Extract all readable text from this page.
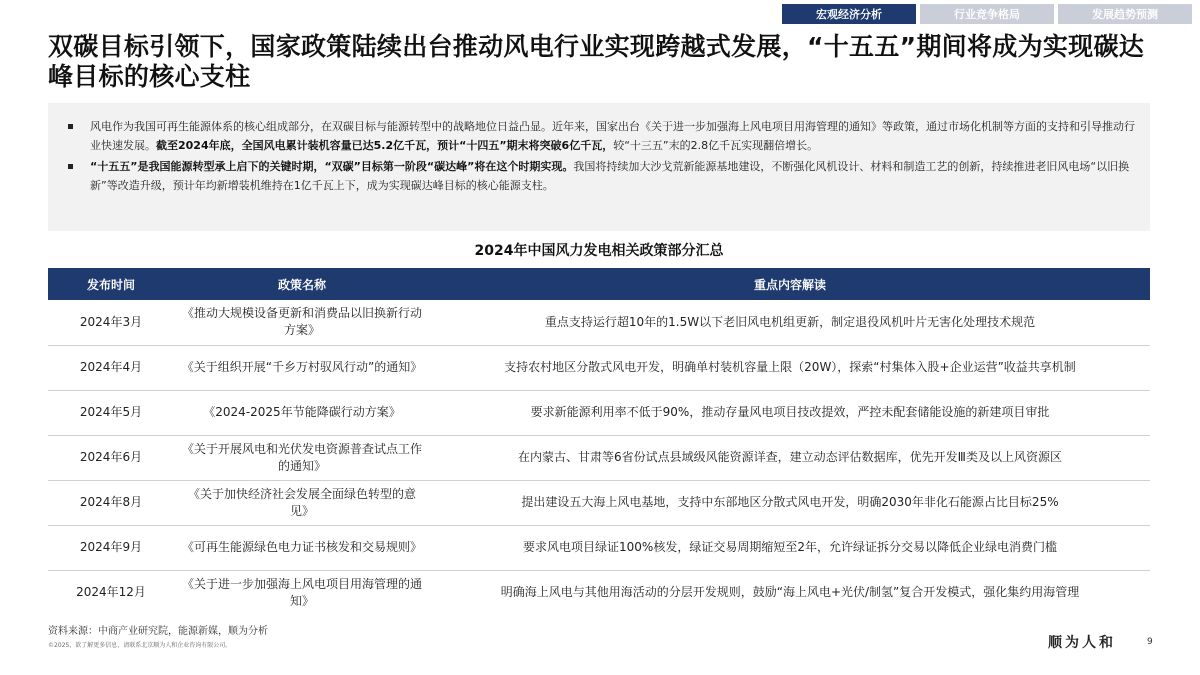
宏观经济分析	行业竞争格局	发展趋势预测
双碳目标引领下，国家政策陆续出台推动风电行业实现跨越式发展，“十五五”期间将成为实现碳达峰目标的核心支柱

风电作为我国可再生能源体系的核心组成部分，在双碳目标与能源转型中的战略地位日益凸显。近年来，国家出台《关于进一步加强海上风电项目用海管理的通知》等政策，通过市场化机制等方面的支持和引导推动行业快速发展。截至2024年底，全国风电累计装机容量已达5.2亿千瓦，预计“十四五”期末将突破6亿千瓦，较“十三五”末的2.8亿千瓦实现翻倍增长。

“十五五”是我国能源转型承上启下的关键时期，“双碳”目标第一阶段“碳达峰”将在这个时期实现。我国将持续加大沙戈荒新能源基地建设，不断强化风机设计、材料和制造工艺的创新，持续推进老旧风电场“以旧换新”等改造升级，预计年均新增装机维持在1亿千瓦上下，成为实现碳达峰目标的核心能源支柱。

2024年中国风力发电相关政策部分汇总
发布时间	政策名称	重点内容解读
2024年3月	《推动大规模设备更新和消费品以旧换新行动方案》	重点支持运行超10年的1.5W以下老旧风电机组更新，制定退役风机叶片无害化处理技术规范
2024年4月	《关于组织开展“千乡万村驭风行动”的通知》	支持农村地区分散式风电开发，明确单村装机容量上限（20W），探索“村集体入股+企业运营”收益共享机制
2024年5月	《2024-2025年节能降碳行动方案》	要求新能源利用率不低于90%，推动存量风电项目技改提效，严控未配套储能设施的新建项目审批
2024年6月	《关于开展风电和光伏发电资源普查试点工作的通知》	在内蒙古、甘肃等6省份试点县域级风能资源详查，建立动态评估数据库，优先开发Ⅲ类及以上风资源区
2024年8月	《关于加快经济社会发展全面绿色转型的意见》	提出建设五大海上风电基地，支持中东部地区分散式风电开发，明确2030年非化石能源占比目标25%
2024年9月	《可再生能源绿色电力证书核发和交易规则》	要求风电项目绿证100%核发，绿证交易周期缩短至2年，允许绿证拆分交易以降低企业绿电消费门槛
2024年12月	《关于进一步加强海上风电项目用海管理的通知》	明确海上风电与其他用海活动的分层开发规则，鼓励“海上风电+光伏/制氢”复合开发模式，强化集约用海管理
资料来源：中商产业研究院，能源新媒，顺为分析
©2025，欲了解更多信息，请联系北京顺为人和企业咨询有限公司。	顺为人和	9
